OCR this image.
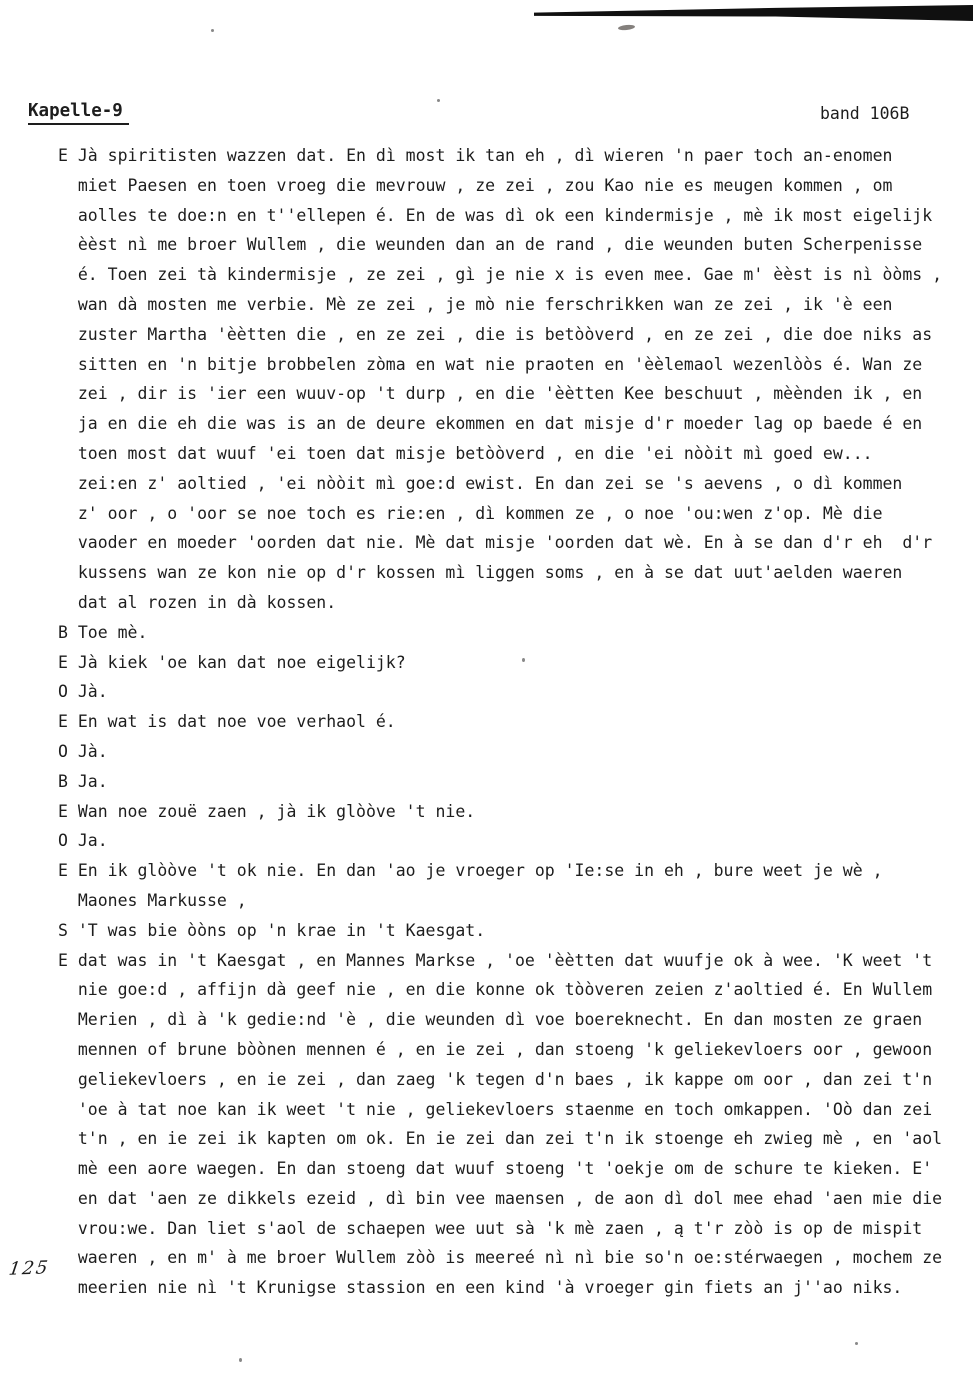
Kapelle-9	band 106B
125
E Jà spiritisten wazzen dat. En dì most ik tan eh , dì wieren 'n paer toch an-enomen
miet Paesen en toen vroeg die mevrouw , ze zei , zou Kao nie es meugen kommen , om
aolles te doe:n en t''ellepen é. En de was dì ok een kindermisje , mè ik most eigelijk
èèst nì me broer Wullem , die weunden dan an de rand , die weunden buten Scherpenisse
é. Toen zei tà kindermisje , ze zei , gì je nie x is even mee. Gae m' èèst is nì òòms ,
wan dà mosten me verbie. Mè ze zei , je mò nie ferschrikken wan ze zei , ik 'è een
zuster Martha 'èètten die , en ze zei , die is betòòverd , en ze zei , die doe niks as
sitten en 'n bitje brobbelen zòma en wat nie praoten en 'èèlemaol wezenlòòs é. Wan ze
zei , dir is 'ier een wuuv-op 't durp , en die 'èètten Kee beschuut , mèènden ik , en
ja en die eh die was is an de deure ekommen en dat misje d'r moeder lag op baede é en
toen most dat wuuf 'ei toen dat misje betòòverd , en die 'ei nòòit mì goed ew...
zei:en z' aoltied , 'ei nòòit mì goe:d ewist. En dan zei se 's aevens , o dì kommen
z' oor , o 'oor se noe toch es rie:en , dì kommen ze , o noe 'ou:wen z'op. Mè die
vaoder en moeder 'oorden dat nie. Mè dat misje 'oorden dat wè. En à se dan d'r eh  d'r
kussens wan ze kon nie op d'r kossen mì liggen soms , en à se dat uut'aelden waeren
dat al rozen in dà kossen.
B Toe mè.
E Jà kiek 'oe kan dat noe eigelijk?
O Jà.
E En wat is dat noe voe verhaol é.
O Jà.
B Ja.
E Wan noe zouë zaen , jà ik glòòve 't nie.
O Ja.
E En ik glòòve 't ok nie. En dan 'ao je vroeger op 'Ie:se in eh , bure weet je wè ,
Maones Markusse ,
S 'T was bie òòns op 'n krae in 't Kaesgat.
E dat was in 't Kaesgat , en Mannes Markse , 'oe 'èètten dat wuufje ok à wee. 'K weet 't
nie goe:d , affijn dà geef nie , en die konne ok tòòveren zeien z'aoltied é. En Wullem
Merien , dì à 'k gedie:nd 'è , die weunden dì voe boereknecht. En dan mosten ze graen
mennen of brune bòònen mennen é , en ie zei , dan stoeng 'k geliekevloers oor , gewoon
geliekevloers , en ie zei , dan zaeg 'k tegen d'n baes , ik kappe om oor , dan zei t'n
'oe à tat noe kan ik weet 't nie , geliekevloers staenme en toch omkappen. 'Oò dan zei
t'n , en ie zei ik kapten om ok. En ie zei dan zei t'n ik stoenge eh zwieg mè , en 'aol
mè een aore waegen. En dan stoeng dat wuuf stoeng 't 'oekje om de schure te kieken. E'
en dat 'aen ze dikkels ezeid , dì bin vee maensen , de aon dì dol mee ehad 'aen mie die
vrou:we. Dan liet s'aol de schaepen wee uut sà 'k mè zaen , ą t'r zòò is op de mispit
waeren , en m' à me broer Wullem zòò is meereé nì nì bie so'n oe:stérwaegen , mochem ze
meerien nie nì 't Krunigse stassion en een kind 'à vroeger gin fiets an j''ao niks.
